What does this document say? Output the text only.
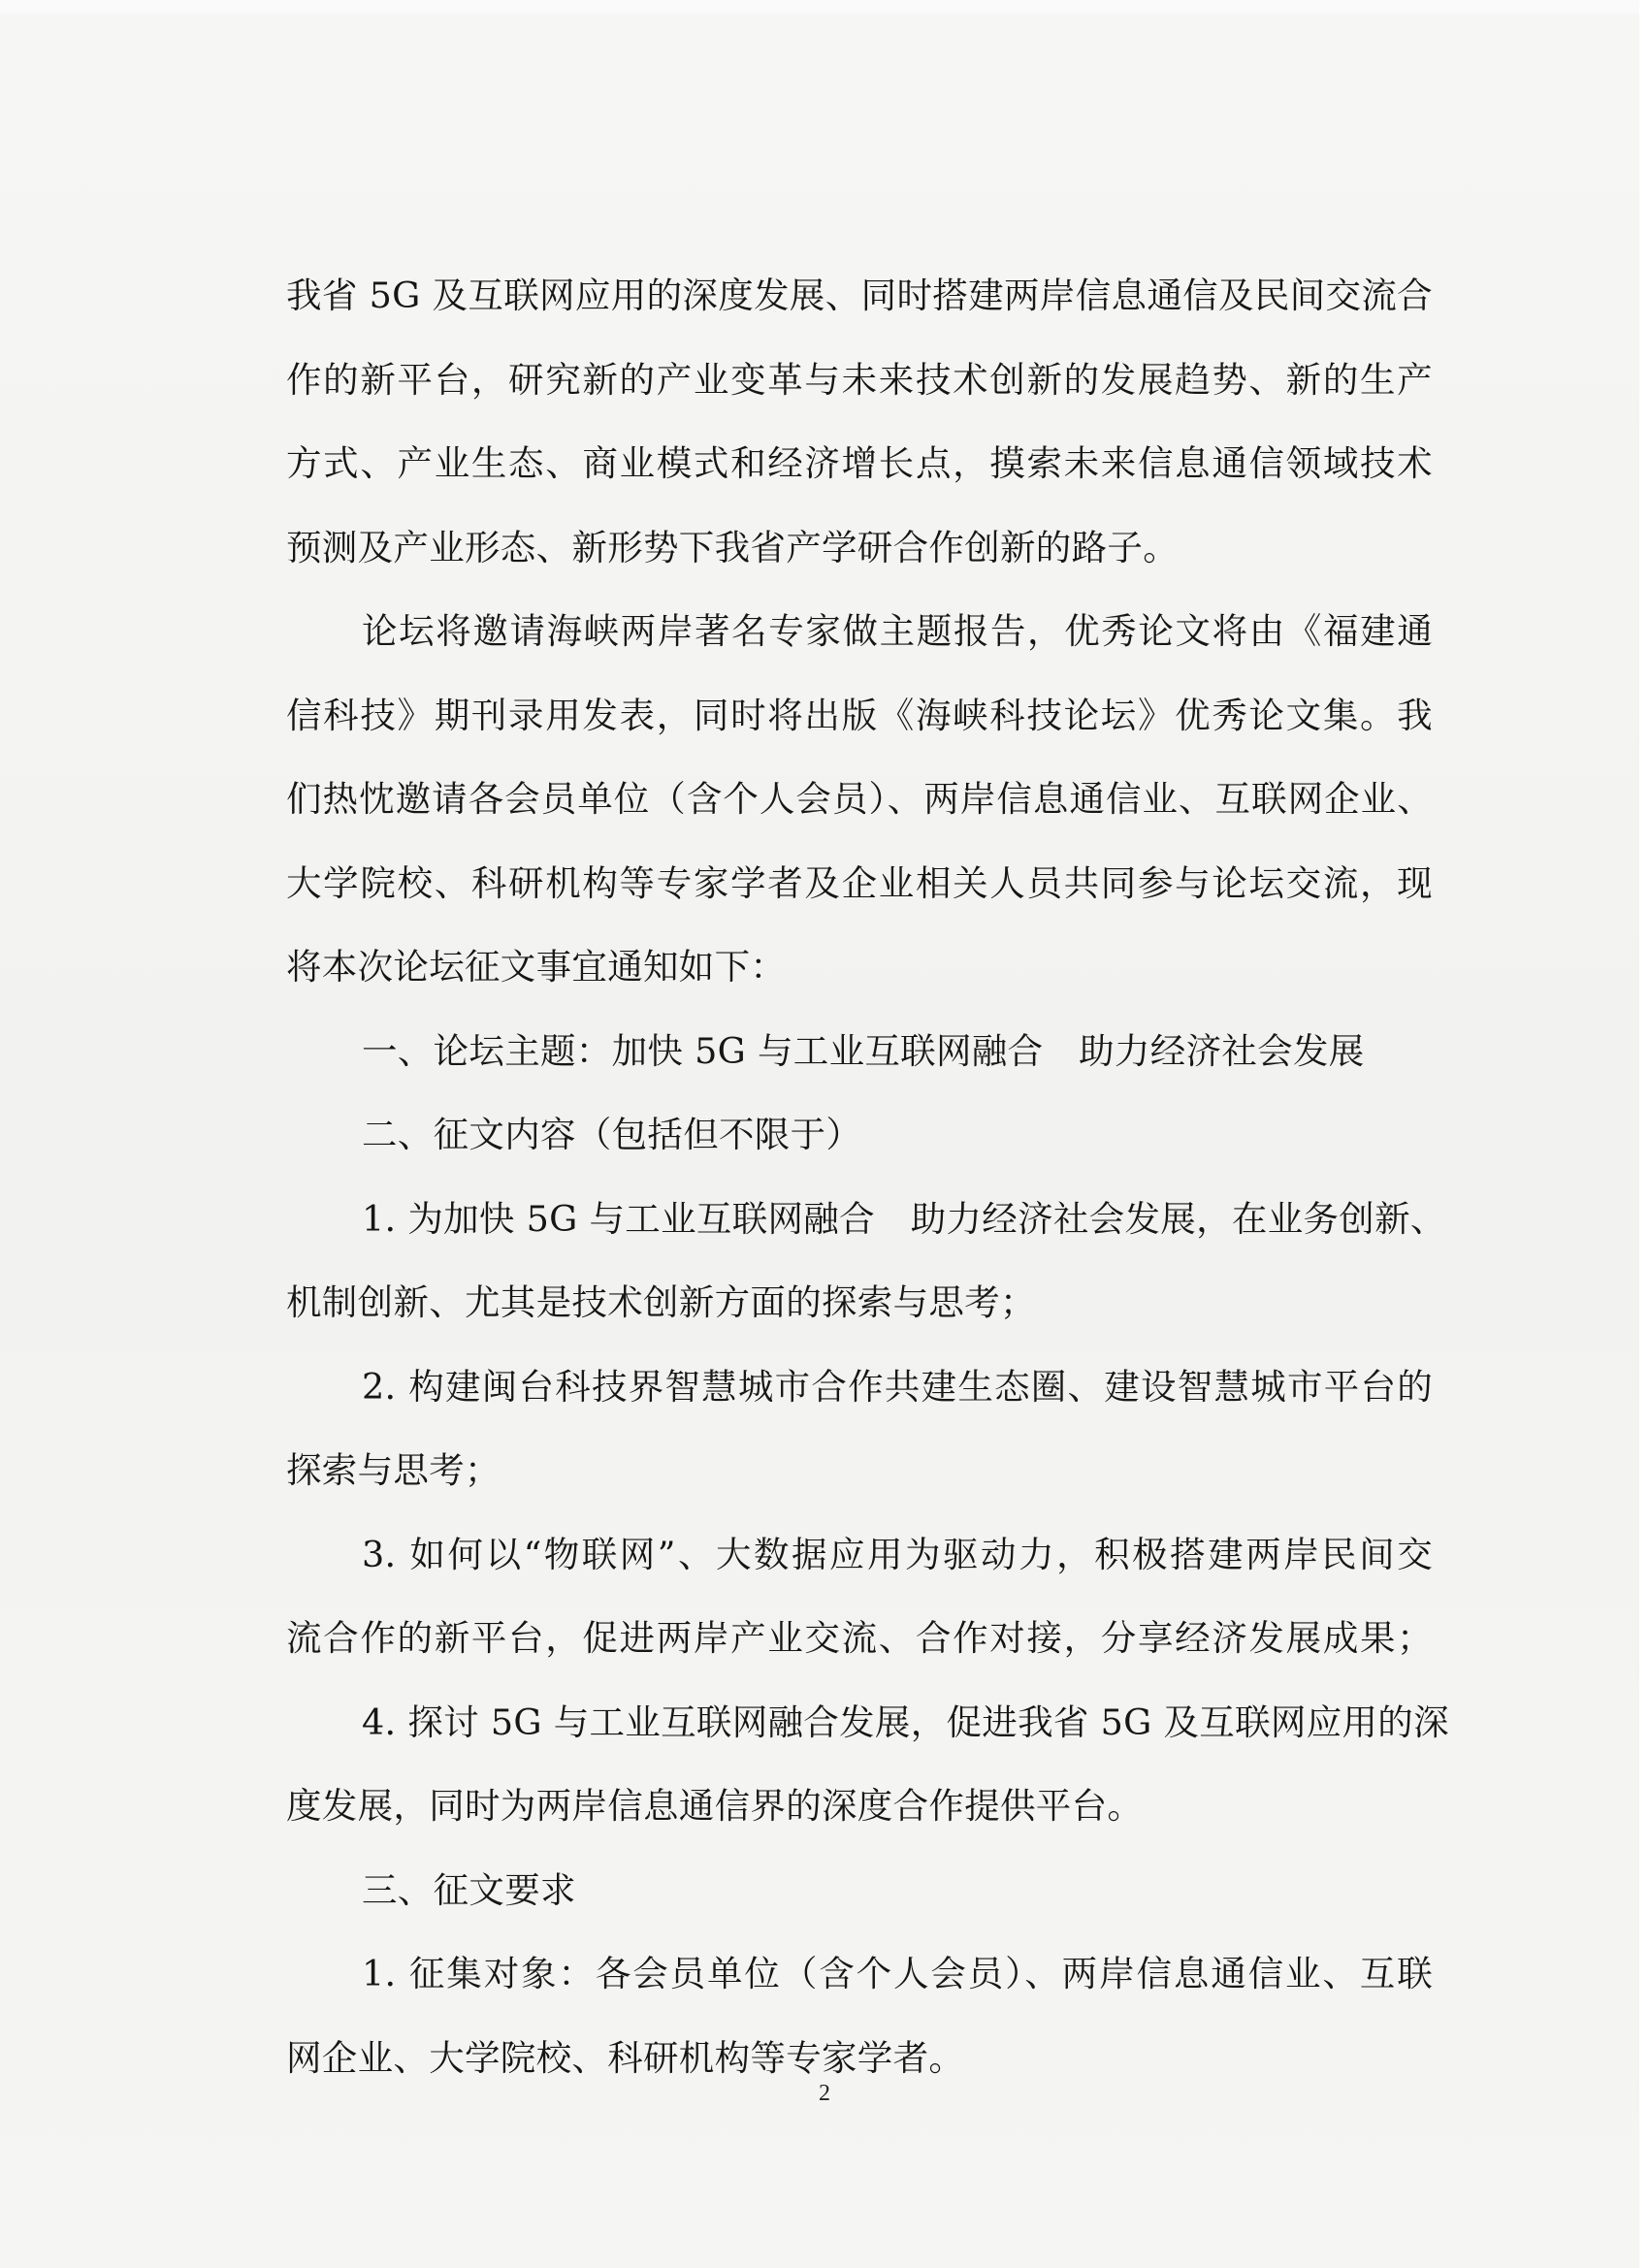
我省 5G 及互联网应用的深度发展、同时搭建两岸信息通信及民间交流合
作的新平台，研究新的产业变革与未来技术创新的发展趋势、新的生产
方式、产业生态、商业模式和经济增长点，摸索未来信息通信领域技术
预测及产业形态、新形势下我省产学研合作创新的路子。
论坛将邀请海峡两岸著名专家做主题报告，优秀论文将由《福建通
信科技》期刊录用发表，同时将出版《海峡科技论坛》优秀论文集。我
们热忱邀请各会员单位（含个人会员）、两岸信息通信业、互联网企业、
大学院校、科研机构等专家学者及企业相关人员共同参与论坛交流，现
将本次论坛征文事宜通知如下：
一、论坛主题：加快 5G 与工业互联网融合　助力经济社会发展
二、征文内容（包括但不限于）
1. 为加快 5G 与工业互联网融合　助力经济社会发展，在业务创新、
机制创新、尤其是技术创新方面的探索与思考；
2. 构建闽台科技界智慧城市合作共建生态圈、建设智慧城市平台的
探索与思考；
3. 如何以“物联网”、大数据应用为驱动力，积极搭建两岸民间交
流合作的新平台，促进两岸产业交流、合作对接，分享经济发展成果；
4. 探讨 5G 与工业互联网融合发展，促进我省 5G 及互联网应用的深
度发展，同时为两岸信息通信界的深度合作提供平台。
三、征文要求
1. 征集对象：各会员单位（含个人会员）、两岸信息通信业、互联
网企业、大学院校、科研机构等专家学者。
2
